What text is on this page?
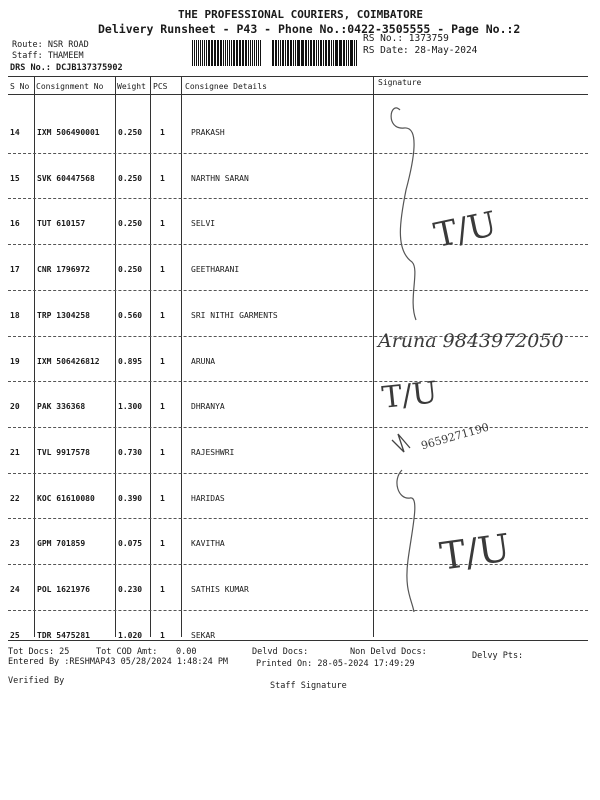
THE PROFESSIONAL COURIERS, COIMBATORE
Delivery Runsheet - P43 - Phone No.:0422-3505555 - Page No.:2
Route: NSR ROAD
Staff: THAMEEM
DRS No.: DCJB137375902
RS No.: 1373759
RS Date: 28-May-2024
S No Consignment No Weight PCS Consignee Details	Signature
14 IXM 506490001 0.250 1	PRAKASH
15 SVK 60447568	0.250 1	NARTHN SARAN
16 TUT 610157	0.250 1	SELVI
17 CNR 1796972	0.250 1	GEETHARANI
18 TRP 1304258	0.560 1	SRI NITHI GARMENTS
19 IXM 506426812 0.895 1	ARUNA
20 PAK 336368	1.300 1	DHRANYA
21 TVL 9917578	0.730 1	RAJESHWRI
22 KOC 61610080	0.390 1	HARIDAS
23 GPM 701859	0.075 1	KAVITHA
24 POL 1621976	0.230 1	SATHIS KUMAR
25 TDR 5475281	1.020 1	SEKAR
Tot Docs: 25	Tot COD Amt: 0.00	Delvd Docs:	Non Delvd Docs:	Delvy Pts:
Entered By :RESHMAP43 05/28/2024 1:48:24 PM	Printed On: 28-05-2024 17:49:29
Verified By	Staff Signature
T/U
Aruna 9843972050
T/U
9659271190
T/U
